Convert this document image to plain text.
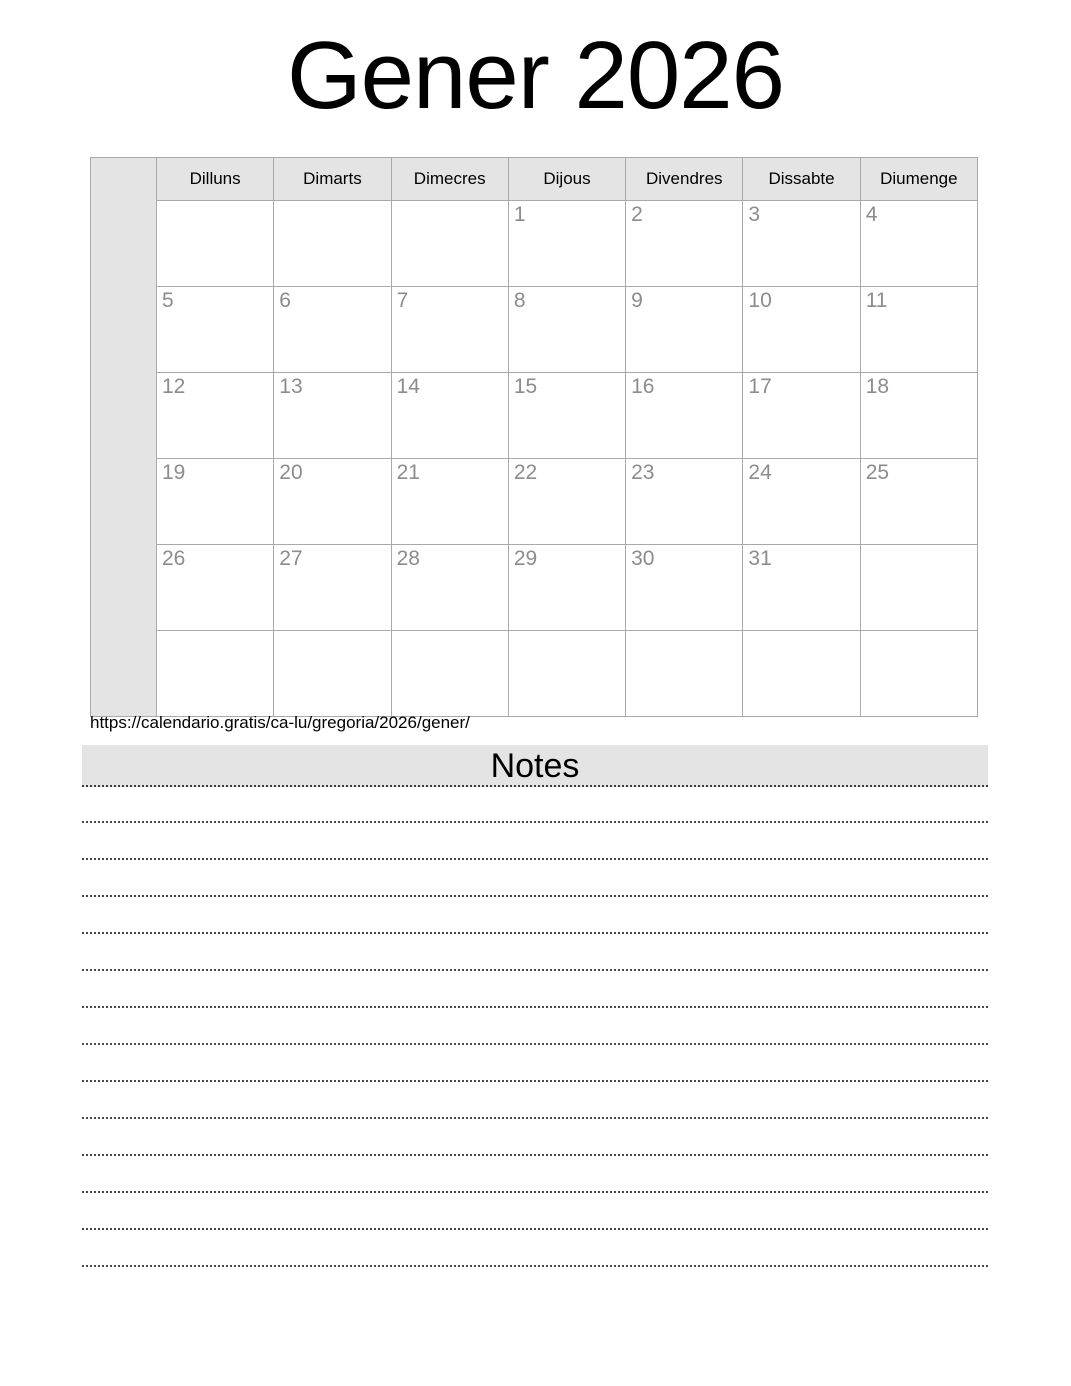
Gener 2026
	Dilluns	Dimarts	Dimecres	Dijous	Divendres	Dissabte	Diumenge
				1	2	3	4
	5	6	7	8	9	10	11
	12	13	14	15	16	17	18
	19	20	21	22	23	24	25
	26	27	28	29	30	31	

https://calendario.gratis/ca-lu/gregoria/2026/gener/
Notes
